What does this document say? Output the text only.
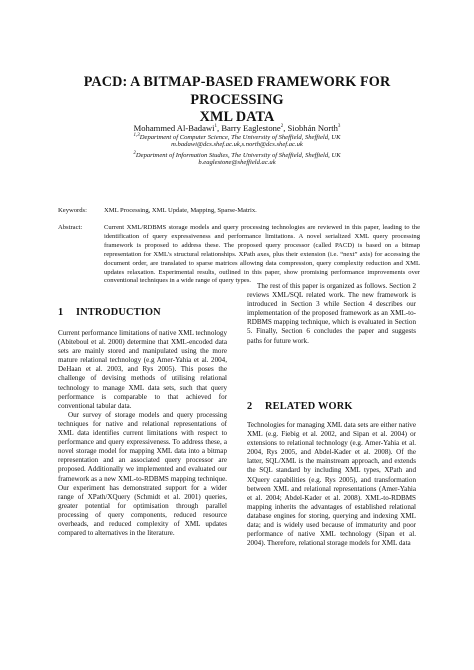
PACD: A BITMAP-BASED FRAMEWORK FOR PROCESSING
XML DATA
Mohammed Al-Badawi$^1$, Barry Eaglestone$^2$, Siobhán North$^3$
$^{1,3}$Department of Computer Science, The University of Sheffield, Sheffield, UK
m.badawi@dcs.shef.ac.uk,s.north@dcs.shef.ac.uk
$^2$Department of Information Studies, The University of Sheffield, Sheffield, UK
b.eaglestone@sheffield.ac.uk
Keywords:	XML Processing, XML Update, Mapping, Sparse-Matrix.
Abstract:	Current XML/RDBMS storage models and query processing technologies are reviewed in this paper, leading to the identification of query expressiveness and performance limitations. A novel serialized XML query processing framework is proposed to address these. The proposed query processor (called PACD) is based on a bitmap representation for XML's structural relationships. XPath axes, plus their extension (i.e. “next” axis) for accessing the document order, are translated to sparse matrices allowing data compression, query complexity reduction and XML updates relaxation. Experimental results, outlined in this paper, show promising performance improvements over conventional techniques in a wide range of query types.
1 INTRODUCTION

Current performance limitations of native XML technology (Abiteboul et al. 2000) determine that XML-encoded data sets are mainly stored and manipulated using the more mature relational technology (e.g Amer-Yahia et al. 2004, DeHaan et al. 2003, and Rys 2005). This poses the challenge of devising methods of utilising relational technology to manage XML data sets, such that query performance is comparable to that achieved for conventional tabular data.

Our survey of storage models and query processing techniques for native and relational representations of XML data identifies current limitations with respect to performance and query expressiveness. To address these, a novel storage model for mapping XML data into a bitmap representation and an associated query processor are proposed. Additionally we implemented and evaluated our framework as a new XML-to-RDBMS mapping technique. Our experiment has demonstrated support for a wider range of XPath/XQuery (Schmidt et al. 2001) queries, greater potential for optimisation through parallel processing of query components, reduced resource overheads, and reduced complexity of XML updates compared to alternatives in the literature.

The rest of this paper is organized as follows. Section 2 reviews XML/SQL related work. The new framework is introduced in Section 3 while Section 4 describes our implementation of the proposed framework as an XML-to-RDBMS mapping technique, which is evaluated in Section 5. Finally, Section 6 concludes the paper and suggests paths for future work.

2 RELATED WORK

Technologies for managing XML data sets are either native XML (e.g. Fiebig et al. 2002, and Sipan et al. 2004) or extensions to relational technology (e.g. Amer-Yahia et al. 2004, Rys 2005, and Abdel-Kader et al. 2008). Of the latter, SQL/XML is the mainstream approach, and extends the SQL standard by including XML types, XPath and XQuery capabilities (e.g. Rys 2005), and transformation between XML and relational representations (Amer-Yahia et al. 2004; Abdel-Kader et al. 2008). XML-to-RDBMS mapping inherits the advantages of established relational database engines for storing, querying and indexing XML data; and is widely used because of immaturity and poor performance of native XML technology (Sipan et al. 2004). Therefore, relational storage models for XML data
